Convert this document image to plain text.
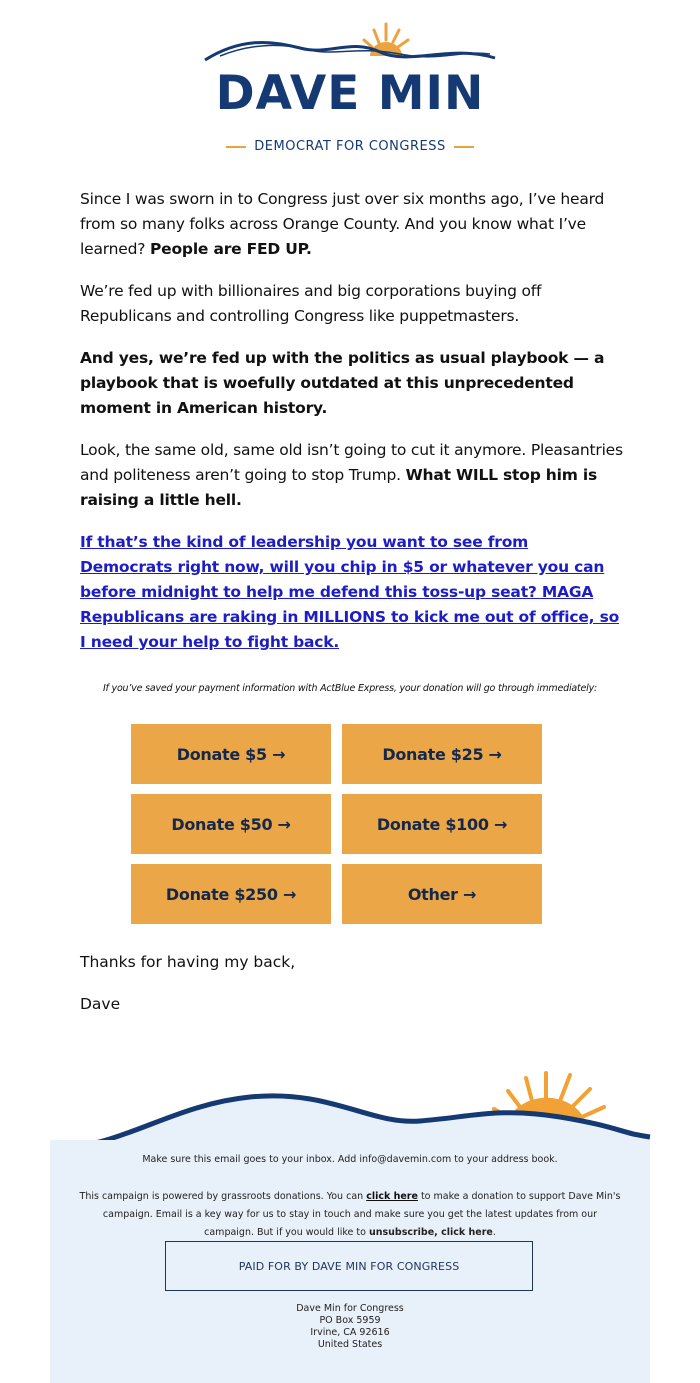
DAVE MIN
DEMOCRAT FOR CONGRESS

Since I was sworn in to Congress just over six months ago, I’ve heard from so many folks across Orange County. And you know what I’ve learned? People are FED UP.

We’re fed up with billionaires and big corporations buying off Republicans and controlling Congress like puppetmasters.

And yes, we’re fed up with the politics as usual playbook — a playbook that is woefully outdated at this unprecedented moment in American history.

Look, the same old, same old isn’t going to cut it anymore. Pleasantries and politeness aren’t going to stop Trump. What WILL stop him is raising a little hell.

If that’s the kind of leadership you want to see from Democrats right now, will you chip in $5 or whatever you can before midnight to help me defend this toss-up seat? MAGA Republicans are raking in MILLIONS to kick me out of office, so I need your help to fight back.

If you’ve saved your payment information with ActBlue Express, your donation will go through immediately:
Donate $5 →	Donate $25 →
Donate $50 →	Donate $100 →
Donate $250 →	Other →
Thanks for having my back,
Dave
Make sure this email goes to your inbox. Add info@davemin.com to your address book.
This campaign is powered by grassroots donations. You can click here to make a donation to support Dave Min's campaign. Email is a key way for us to stay in touch and make sure you get the latest updates from our campaign. But if you would like to unsubscribe, click here.
PAID FOR BY DAVE MIN FOR CONGRESS
Dave Min for Congress
PO Box 5959
Irvine, CA 92616
United States
